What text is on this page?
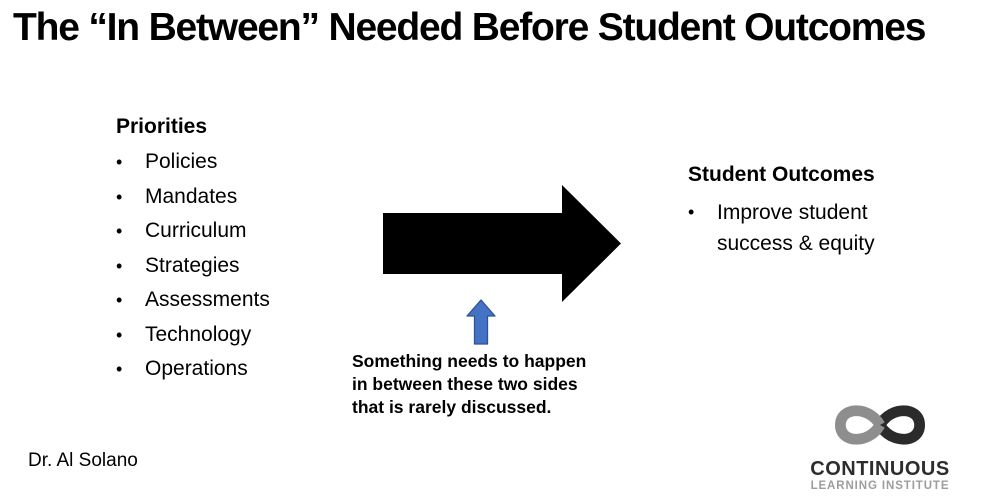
The “In Between” Needed Before Student Outcomes
Priorities
•	Policies
•	Mandates
•	Curriculum
•	Strategies
•	Assessments
•	Technology
•	Operations	Something needs to happen
in between these two sides
that is rarely discussed.
Student Outcomes
•	Improve student success & equity
Dr. Al Solano	CONTINUOUS
LEARNING INSTITUTE
